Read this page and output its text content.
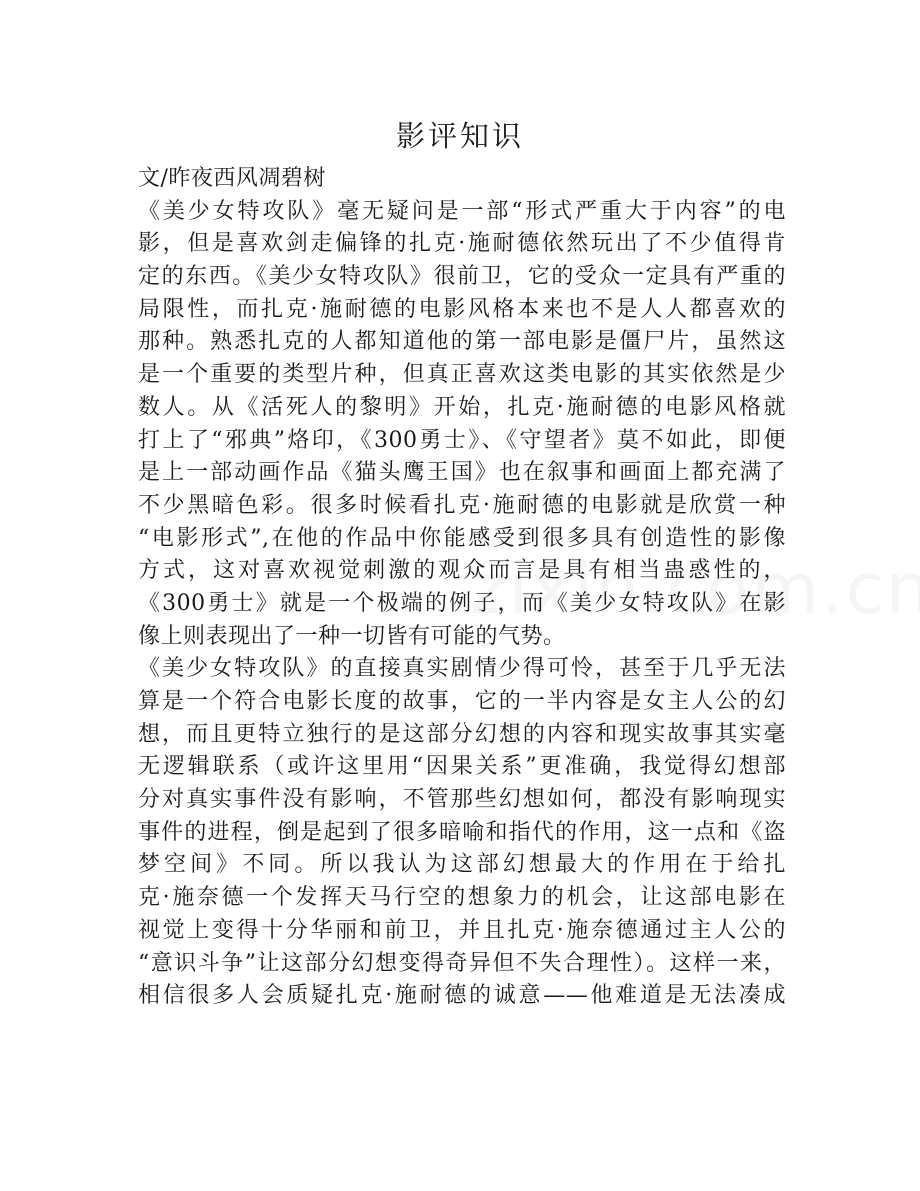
影评知识
文/昨夜西风凋碧树
《美少女特攻队》毫无疑问是一部“形式严重大于内容”的电
影，但是喜欢剑走偏锋的扎克·施耐德依然玩出了不少值得肯
定的东西。《美少女特攻队》很前卫，它的受众一定具有严重的
局限性，而扎克·施耐德的电影风格本来也不是人人都喜欢的
那种。熟悉扎克的人都知道他的第一部电影是僵尸片，虽然这
是一个重要的类型片种，但真正喜欢这类电影的其实依然是少
数人。从《活死人的黎明》开始，扎克·施耐德的电影风格就
打上了“邪典”烙印，《300勇士》、《守望者》莫不如此，即便
是上一部动画作品《猫头鹰王国》也在叙事和画面上都充满了
不少黑暗色彩。很多时候看扎克·施耐德的电影就是欣赏一种
“电影形式”,在他的作品中你能感受到很多具有创造性的影像
方式，这对喜欢视觉刺激的观众而言是具有相当蛊惑性的，
《300勇士》就是一个极端的例子，而《美少女特攻队》在影
像上则表现出了一种一切皆有可能的气势。
《美少女特攻队》的直接真实剧情少得可怜，甚至于几乎无法
算是一个符合电影长度的故事，它的一半内容是女主人公的幻
想，而且更特立独行的是这部分幻想的内容和现实故事其实毫
无逻辑联系（或许这里用“因果关系”更准确，我觉得幻想部
分对真实事件没有影响，不管那些幻想如何，都没有影响现实
事件的进程，倒是起到了很多暗喻和指代的作用，这一点和《盗
梦空间》不同。所以我认为这部幻想最大的作用在于给扎
克·施奈德一个发挥天马行空的想象力的机会，让这部电影在
视觉上变得十分华丽和前卫，并且扎克·施奈德通过主人公的
“意识斗争”让这部分幻想变得奇异但不失合理性）。这样一来，
相信很多人会质疑扎克·施耐德的诚意——他难道是无法凑成
